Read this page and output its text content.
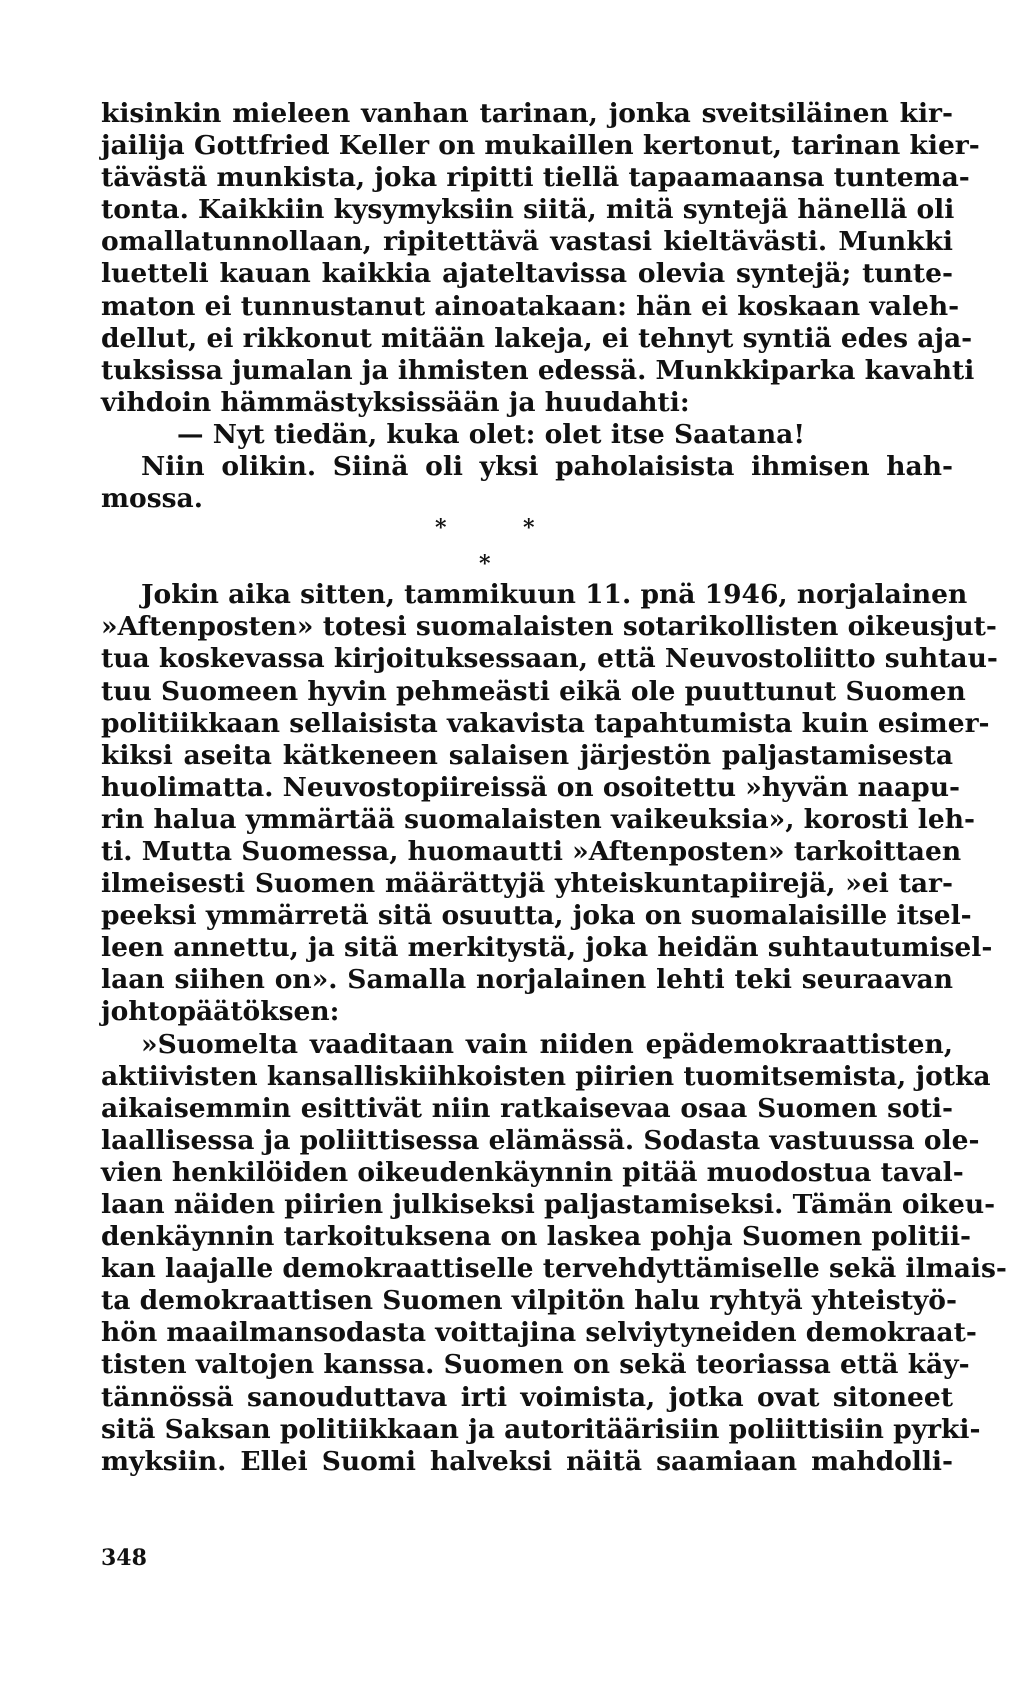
kisinkin mieleen vanhan tarinan, jonka sveitsiläinen kir-
jailija Gottfried Keller on mukaillen kertonut, tarinan kier-
tävästä munkista, joka ripitti tiellä tapaamaansa tuntema-
tonta. Kaikkiin kysymyksiin siitä, mitä syntejä hänellä oli
omallatunnollaan, ripitettävä vastasi kieltävästi. Munkki
luetteli kauan kaikkia ajateltavissa olevia syntejä; tunte-
maton ei tunnustanut ainoatakaan: hän ei koskaan valeh-
dellut, ei rikkonut mitään lakeja, ei tehnyt syntiä edes aja-
tuksissa jumalan ja ihmisten edessä. Munkkiparka kavahti
vihdoin hämmästyksissään ja huudahti:
— Nyt tiedän, kuka olet: olet itse Saatana!
Niin olikin. Siinä oli yksi paholaisista ihmisen hah-
mossa.
*	*
*
Jokin aika sitten, tammikuun 11. pnä 1946, norjalainen
»Aftenposten» totesi suomalaisten sotarikollisten oikeusjut-
tua koskevassa kirjoituksessaan, että Neuvostoliitto suhtau-
tuu Suomeen hyvin pehmeästi eikä ole puuttunut Suomen
politiikkaan sellaisista vakavista tapahtumista kuin esimer-
kiksi aseita kätkeneen salaisen järjestön paljastamisesta
huolimatta. Neuvostopiireissä on osoitettu »hyvän naapu-
rin halua ymmärtää suomalaisten vaikeuksia», korosti leh-
ti. Mutta Suomessa, huomautti »Aftenposten» tarkoittaen
ilmeisesti Suomen määrättyjä yhteiskuntapiirejä, »ei tar-
peeksi ymmärretä sitä osuutta, joka on suomalaisille itsel-
leen annettu, ja sitä merkitystä, joka heidän suhtautumisel-
laan siihen on». Samalla norjalainen lehti teki seuraavan
johtopäätöksen:
»Suomelta vaaditaan vain niiden epädemokraattisten,
aktiivisten kansalliskiihkoisten piirien tuomitsemista, jotka
aikaisemmin esittivät niin ratkaisevaa osaa Suomen soti-
laallisessa ja poliittisessa elämässä. Sodasta vastuussa ole-
vien henkilöiden oikeudenkäynnin pitää muodostua taval-
laan näiden piirien julkiseksi paljastamiseksi. Tämän oikeu-
denkäynnin tarkoituksena on laskea pohja Suomen politii-
kan laajalle demokraattiselle tervehdyttämiselle sekä ilmais-
ta demokraattisen Suomen vilpitön halu ryhtyä yhteistyö-
hön maailmansodasta voittajina selviytyneiden demokraat-
tisten valtojen kanssa. Suomen on sekä teoriassa että käy-
tännössä sanouduttava irti voimista, jotka ovat sitoneet
sitä Saksan politiikkaan ja autoritäärisiin poliittisiin pyrki-
myksiin. Ellei Suomi halveksi näitä saamiaan mahdolli-
348
